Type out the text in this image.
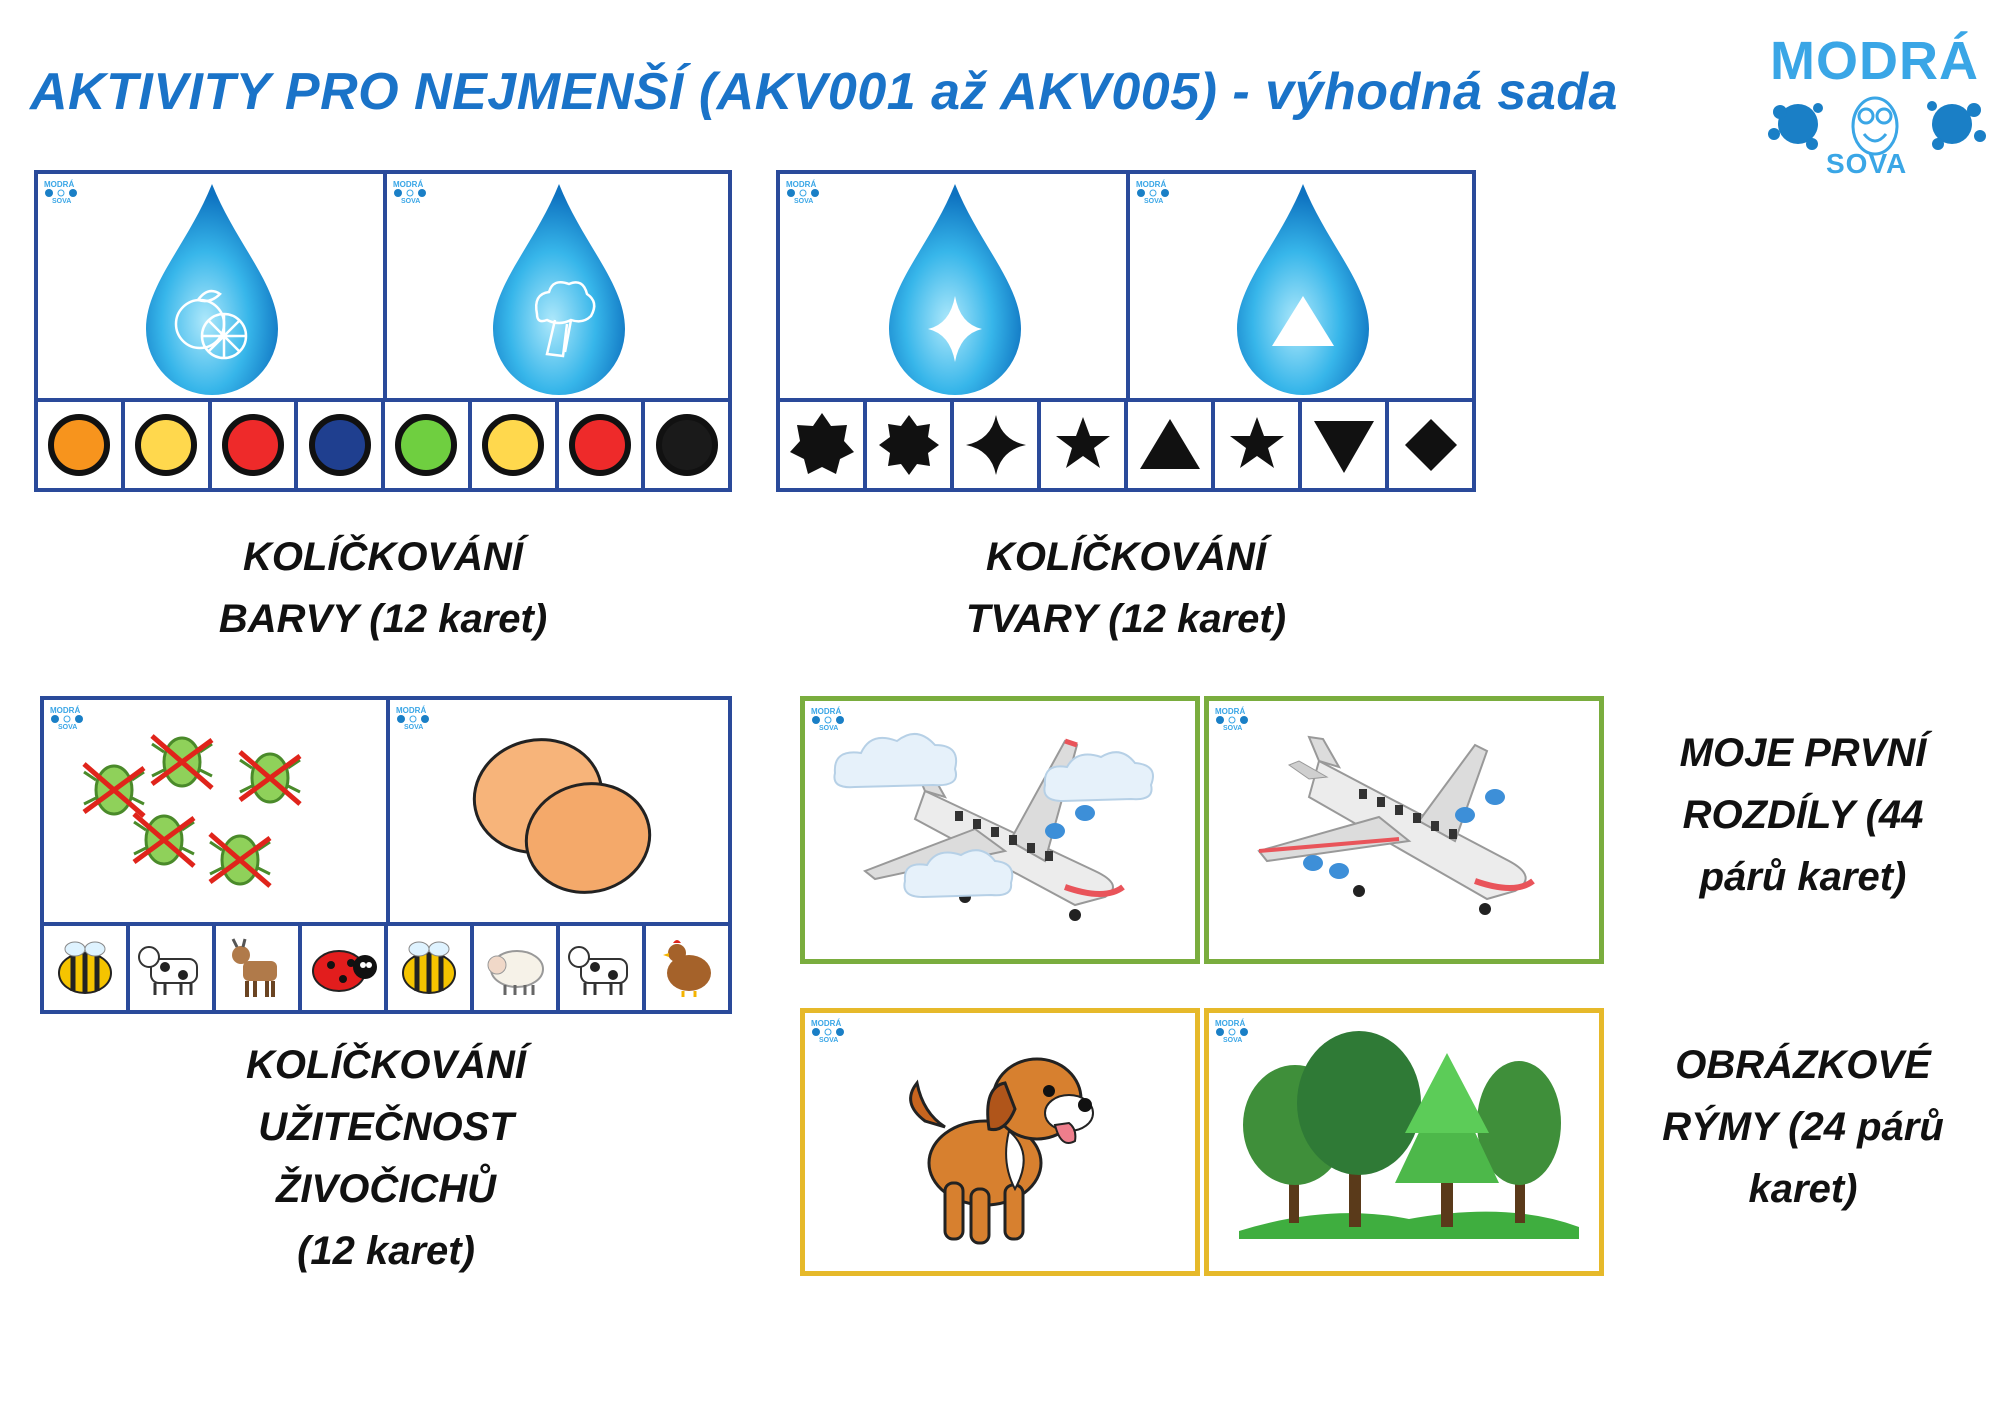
AKTIVITY PRO NEJMENŠÍ (AKV001 až AKV005) - výhodná sada
MODRÁ
SOVA
MODRÁ
SOVA
MODRÁ
SOVA
KOLÍČKOVÁNÍ
BARVY (12 karet)
MODRÁ
SOVA
MODRÁ
SOVA
KOLÍČKOVÁNÍ
TVARY (12 karet)
MODRÁ
SOVA
MODRÁ
SOVA
KOLÍČKOVÁNÍ
UŽITEČNOST
ŽIVOČICHŮ
(12 karet)
MODRÁ
SOVA
MODRÁ
SOVA
MOJE PRVNÍ
ROZDÍLY (44
párů karet)
MODRÁ
SOVA
MODRÁ
SOVA
OBRÁZKOVÉ
RÝMY (24 párů
karet)
